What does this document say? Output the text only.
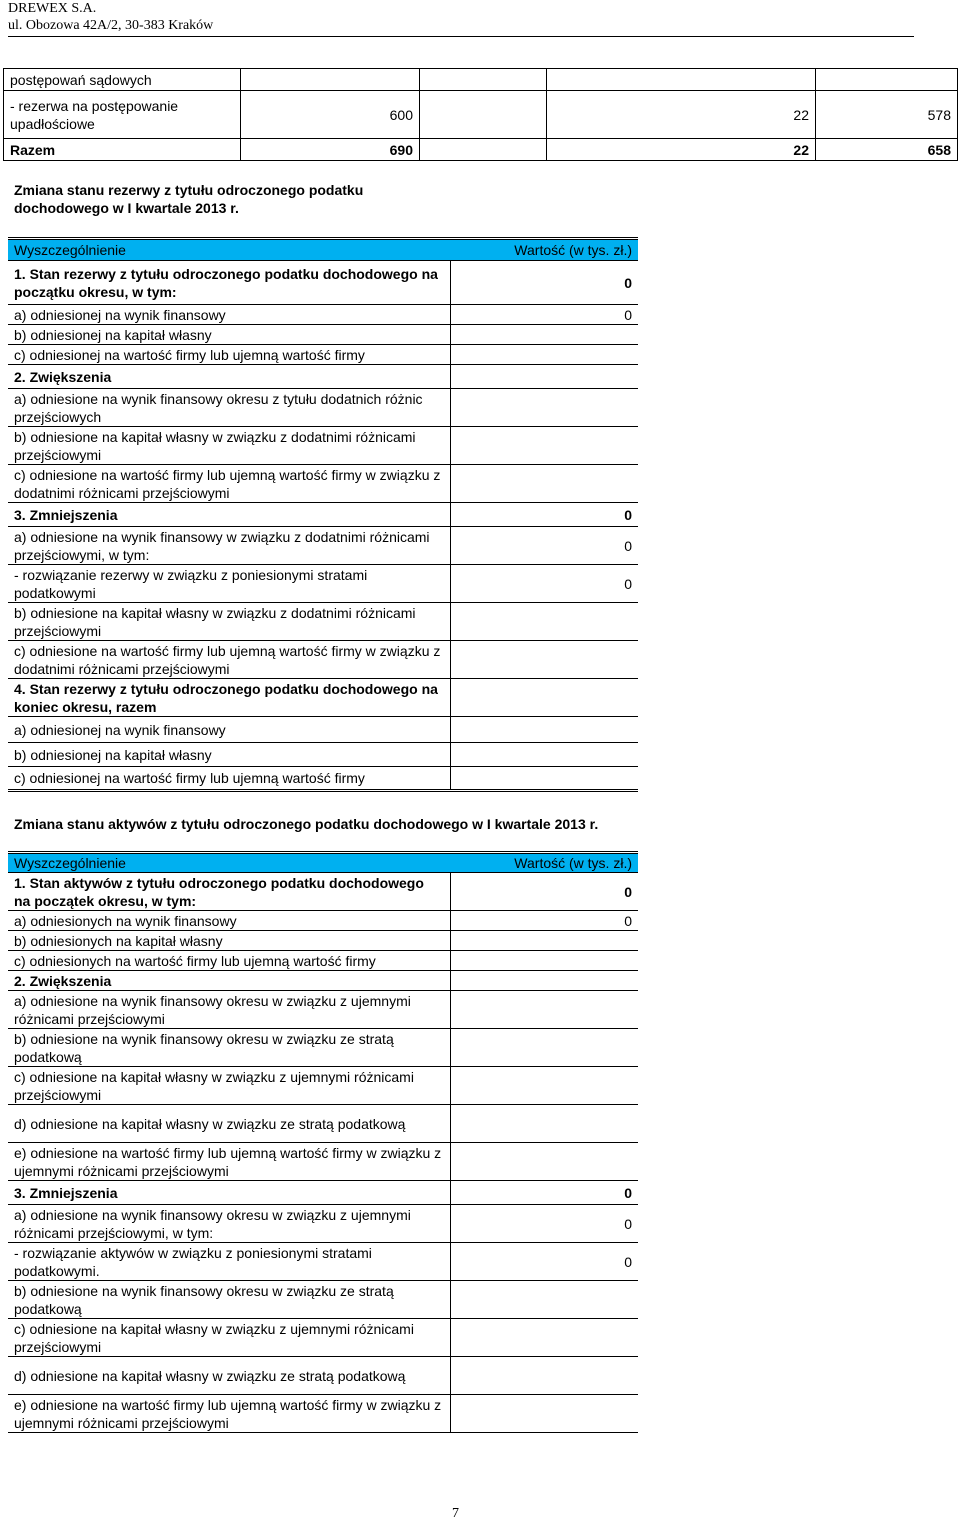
DREWEX S.A.
ul. Obozowa 42A/2, 30-383 Kraków
postępowań sądowych				
- rezerwa na postępowanie upadłościowe	600		22	578
Razem	690		22	658
Zmiana stanu rezerwy z tytułu odroczonego podatku dochodowego w I kwartale 2013 r.
Wyszczególnienie	Wartość (w tys. zł.)
1. Stan rezerwy z tytułu odroczonego podatku dochodowego na początku okresu, w tym:	0
a) odniesionej na wynik finansowy	0
b) odniesionej na kapitał własny	
c) odniesionej na wartość firmy lub ujemną wartość firmy	
2. Zwiększenia	
a) odniesione na wynik finansowy okresu z tytułu dodatnich różnic przejściowych	
b) odniesione na kapitał własny w związku z dodatnimi różnicami przejściowymi	
c) odniesione na wartość firmy lub ujemną wartość firmy w związku z dodatnimi różnicami przejściowymi	
3. Zmniejszenia	0
a) odniesione na wynik finansowy w związku z dodatnimi różnicami przejściowymi, w tym:	0
- rozwiązanie rezerwy w związku z poniesionymi stratami podatkowymi	0
b) odniesione na kapitał własny w związku z dodatnimi różnicami przejściowymi	
c) odniesione na wartość firmy lub ujemną wartość firmy w związku z dodatnimi różnicami przejściowymi	
4. Stan rezerwy z tytułu odroczonego podatku dochodowego na koniec okresu, razem	
a) odniesionej na wynik finansowy	
b) odniesionej na kapitał własny	
c) odniesionej na wartość firmy lub ujemną wartość firmy	
Zmiana stanu aktywów z tytułu odroczonego podatku dochodowego w I kwartale 2013 r.
Wyszczególnienie	Wartość (w tys. zł.)
1. Stan aktywów z tytułu odroczonego podatku dochodowego na początek okresu, w tym:	0
a) odniesionych na wynik finansowy	0
b) odniesionych na kapitał własny	
c) odniesionych na wartość firmy lub ujemną wartość firmy	
2. Zwiększenia	
a) odniesione na wynik finansowy okresu w związku z ujemnymi różnicami przejściowymi	
b) odniesione na wynik finansowy okresu w związku ze stratą podatkową	
c) odniesione na kapitał własny w związku z ujemnymi różnicami przejściowymi	
d) odniesione na kapitał własny w związku ze stratą podatkową	
e) odniesione na wartość firmy lub ujemną wartość firmy w związku z ujemnymi różnicami przejściowymi	
3. Zmniejszenia	0
a) odniesione na wynik finansowy okresu w związku z ujemnymi różnicami przejściowymi, w tym:	0
- rozwiązanie aktywów w związku z poniesionymi stratami podatkowymi.	0
b) odniesione na wynik finansowy okresu w związku ze stratą podatkową	
c) odniesione na kapitał własny w związku z ujemnymi różnicami przejściowymi	
d) odniesione na kapitał własny w związku ze stratą podatkową	
e) odniesione na wartość firmy lub ujemną wartość firmy w związku z ujemnymi różnicami przejściowymi	
7
